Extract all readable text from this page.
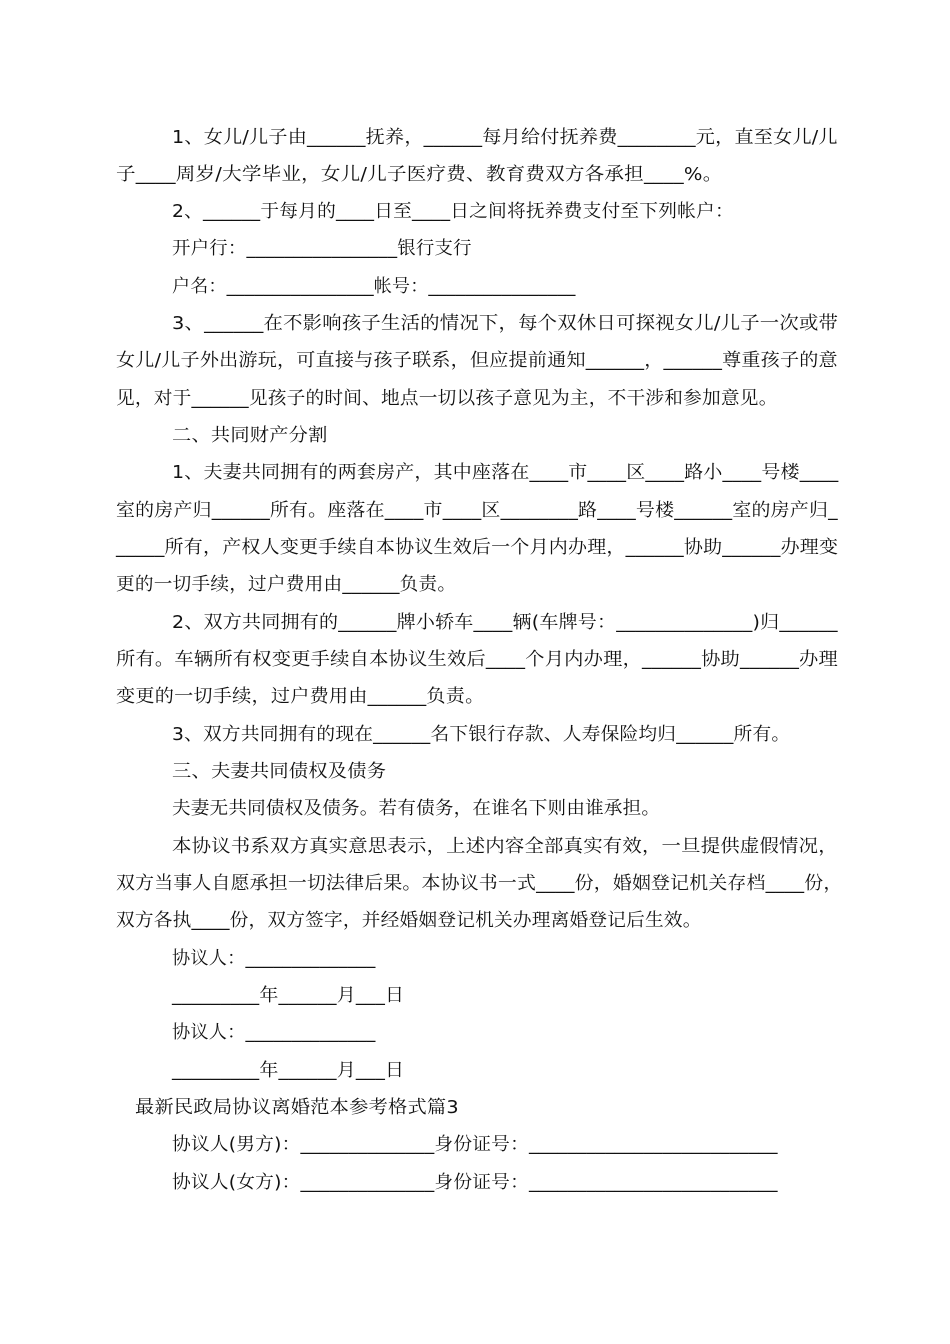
1、女儿/儿子由______抚养，______每月给付抚养费________元，直至女儿/儿
子____周岁/大学毕业，女儿/儿子医疗费、教育费双方各承担____%。
2、______于每月的____日至____日之间将抚养费支付至下列帐户：
开户行：________________银行支行
户名：________________帐号：________________
3、______在不影响孩子生活的情况下，每个双休日可探视女儿/儿子一次或带
女儿/儿子外出游玩，可直接与孩子联系，但应提前通知______，______尊重孩子的意
见，对于______见孩子的时间、地点一切以孩子意见为主，不干涉和参加意见。
二、共同财产分割
1、夫妻共同拥有的两套房产，其中座落在____市____区____路小____号楼____
室的房产归______所有。座落在____市____区________路____号楼______室的房产归_
_____所有，产权人变更手续自本协议生效后一个月内办理，______协助______办理变
更的一切手续，过户费用由______负责。
2、双方共同拥有的______牌小轿车____辆(车牌号：______________)归______
所有。车辆所有权变更手续自本协议生效后____个月内办理，______协助______办理
变更的一切手续，过户费用由______负责。
3、双方共同拥有的现在______名下银行存款、人寿保险均归______所有。
三、夫妻共同债权及债务
夫妻无共同债权及债务。若有债务，在谁名下则由谁承担。
本协议书系双方真实意思表示，上述内容全部真实有效，一旦提供虚假情况，
双方当事人自愿承担一切法律后果。本协议书一式____份，婚姻登记机关存档____份，
双方各执____份，双方签字，并经婚姻登记机关办理离婚登记后生效。
协议人：______________
_________年______月___日
协议人：______________
_________年______月___日
最新民政局协议离婚范本参考格式篇3
协议人(男方)：______________身份证号：__________________________
协议人(女方)：______________身份证号：__________________________
